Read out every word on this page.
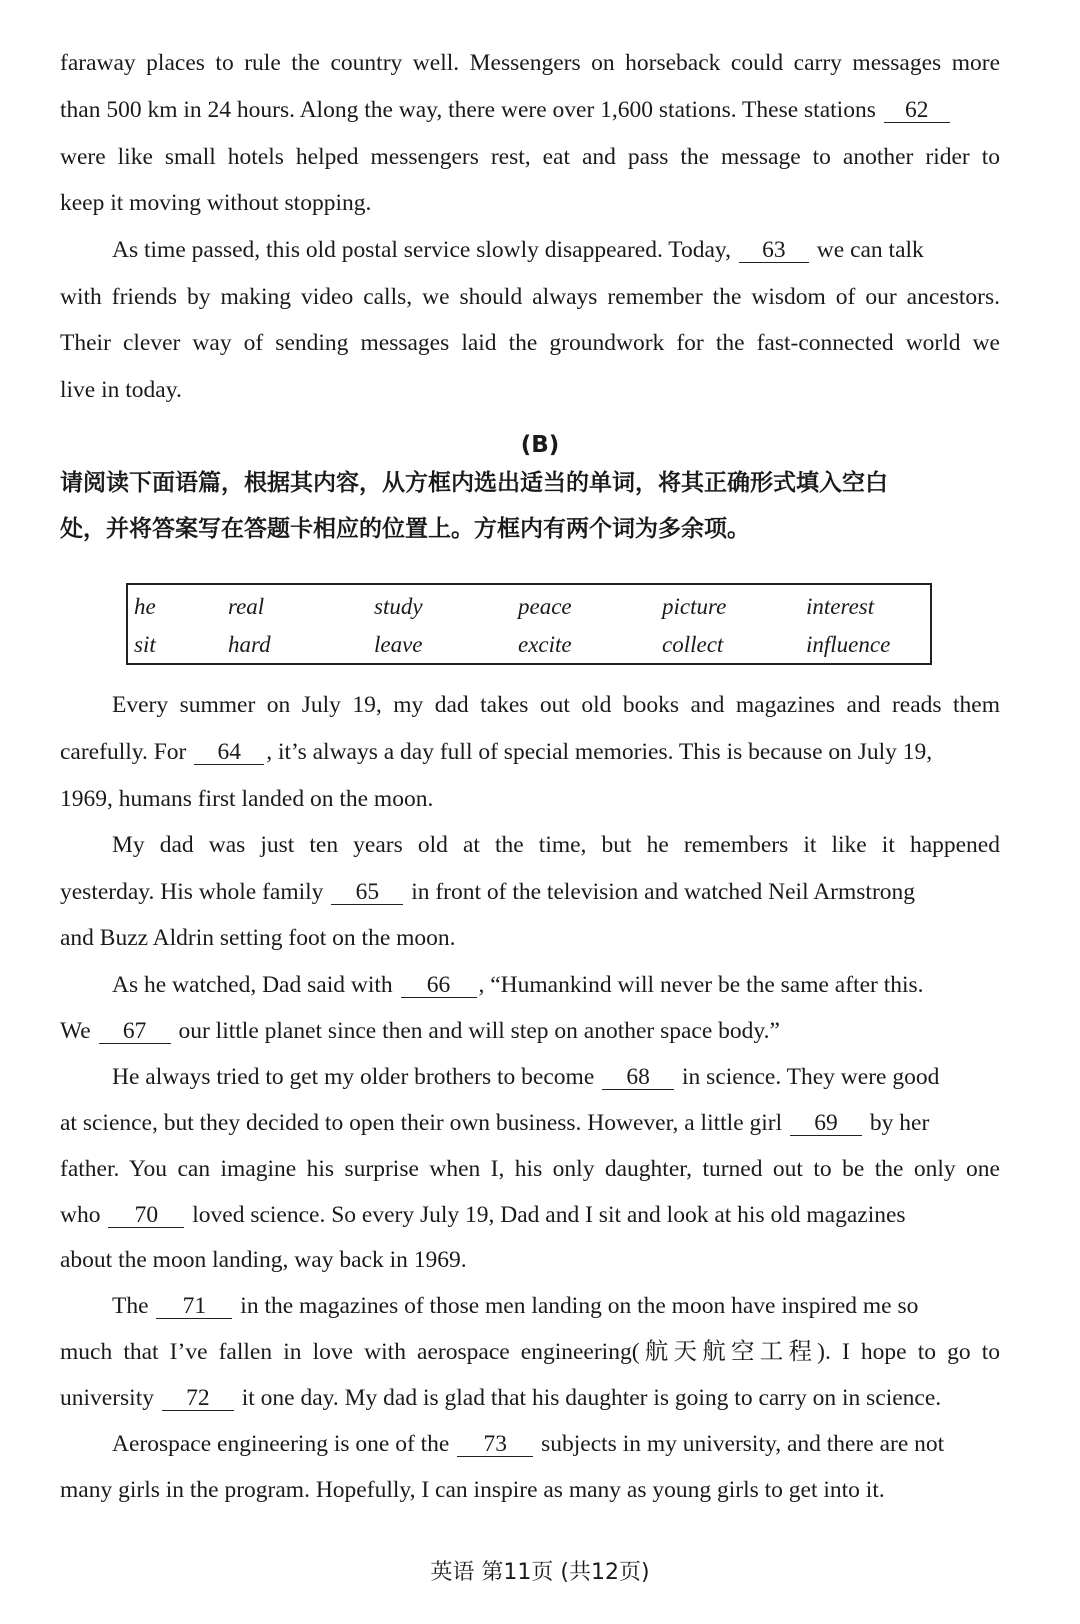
faraway places to rule the country well. Messengers on horseback could carry messages more
than 500 km in 24 hours. Along the way, there were over 1,600 stations. These stations 62
were like small hotels helped messengers rest, eat and pass the message to another rider to
keep it moving without stopping.
As time passed, this old postal service slowly disappeared. Today, 63 we can talk
with friends by making video calls, we should always remember the wisdom of our ancestors.
Their clever way of sending messages laid the groundwork for the fast-connected world we
live in today.
(B)
请阅读下面语篇，根据其内容，从方框内选出适当的单词，将其正确形式填入空白
处，并将答案写在答题卡相应的位置上。方框内有两个词为多余项。
he	real	study	peace	picture	interest
sit	hard	leave	excite	collect	influence
Every summer on July 19, my dad takes out old books and magazines and reads them
carefully. For 64 , it’s always a day full of special memories. This is because on July 19,
1969, humans first landed on the moon.
My dad was just ten years old at the time, but he remembers it like it happened
yesterday. His whole family 65 in front of the television and watched Neil Armstrong
and Buzz Aldrin setting foot on the moon.
As he watched, Dad said with 66 , “Humankind will never be the same after this.
We 67 our little planet since then and will step on another space body.”
He always tried to get my older brothers to become 68 in science. They were good
at science, but they decided to open their own business. However, a little girl 69 by her
father. You can imagine his surprise when I, his only daughter, turned out to be the only one
who 70 loved science. So every July 19, Dad and I sit and look at his old magazines
about the moon landing, way back in 1969.
The 71 in the magazines of those men landing on the moon have inspired me so
much that I’ve fallen in love with aerospace engineering(航天航空工程). I hope to go to
university 72 it one day. My dad is glad that his daughter is going to carry on in science.
Aerospace engineering is one of the 73 subjects in my university, and there are not
many girls in the program. Hopefully, I can inspire as many as young girls to get into it.
英语 第11页 (共12页)
